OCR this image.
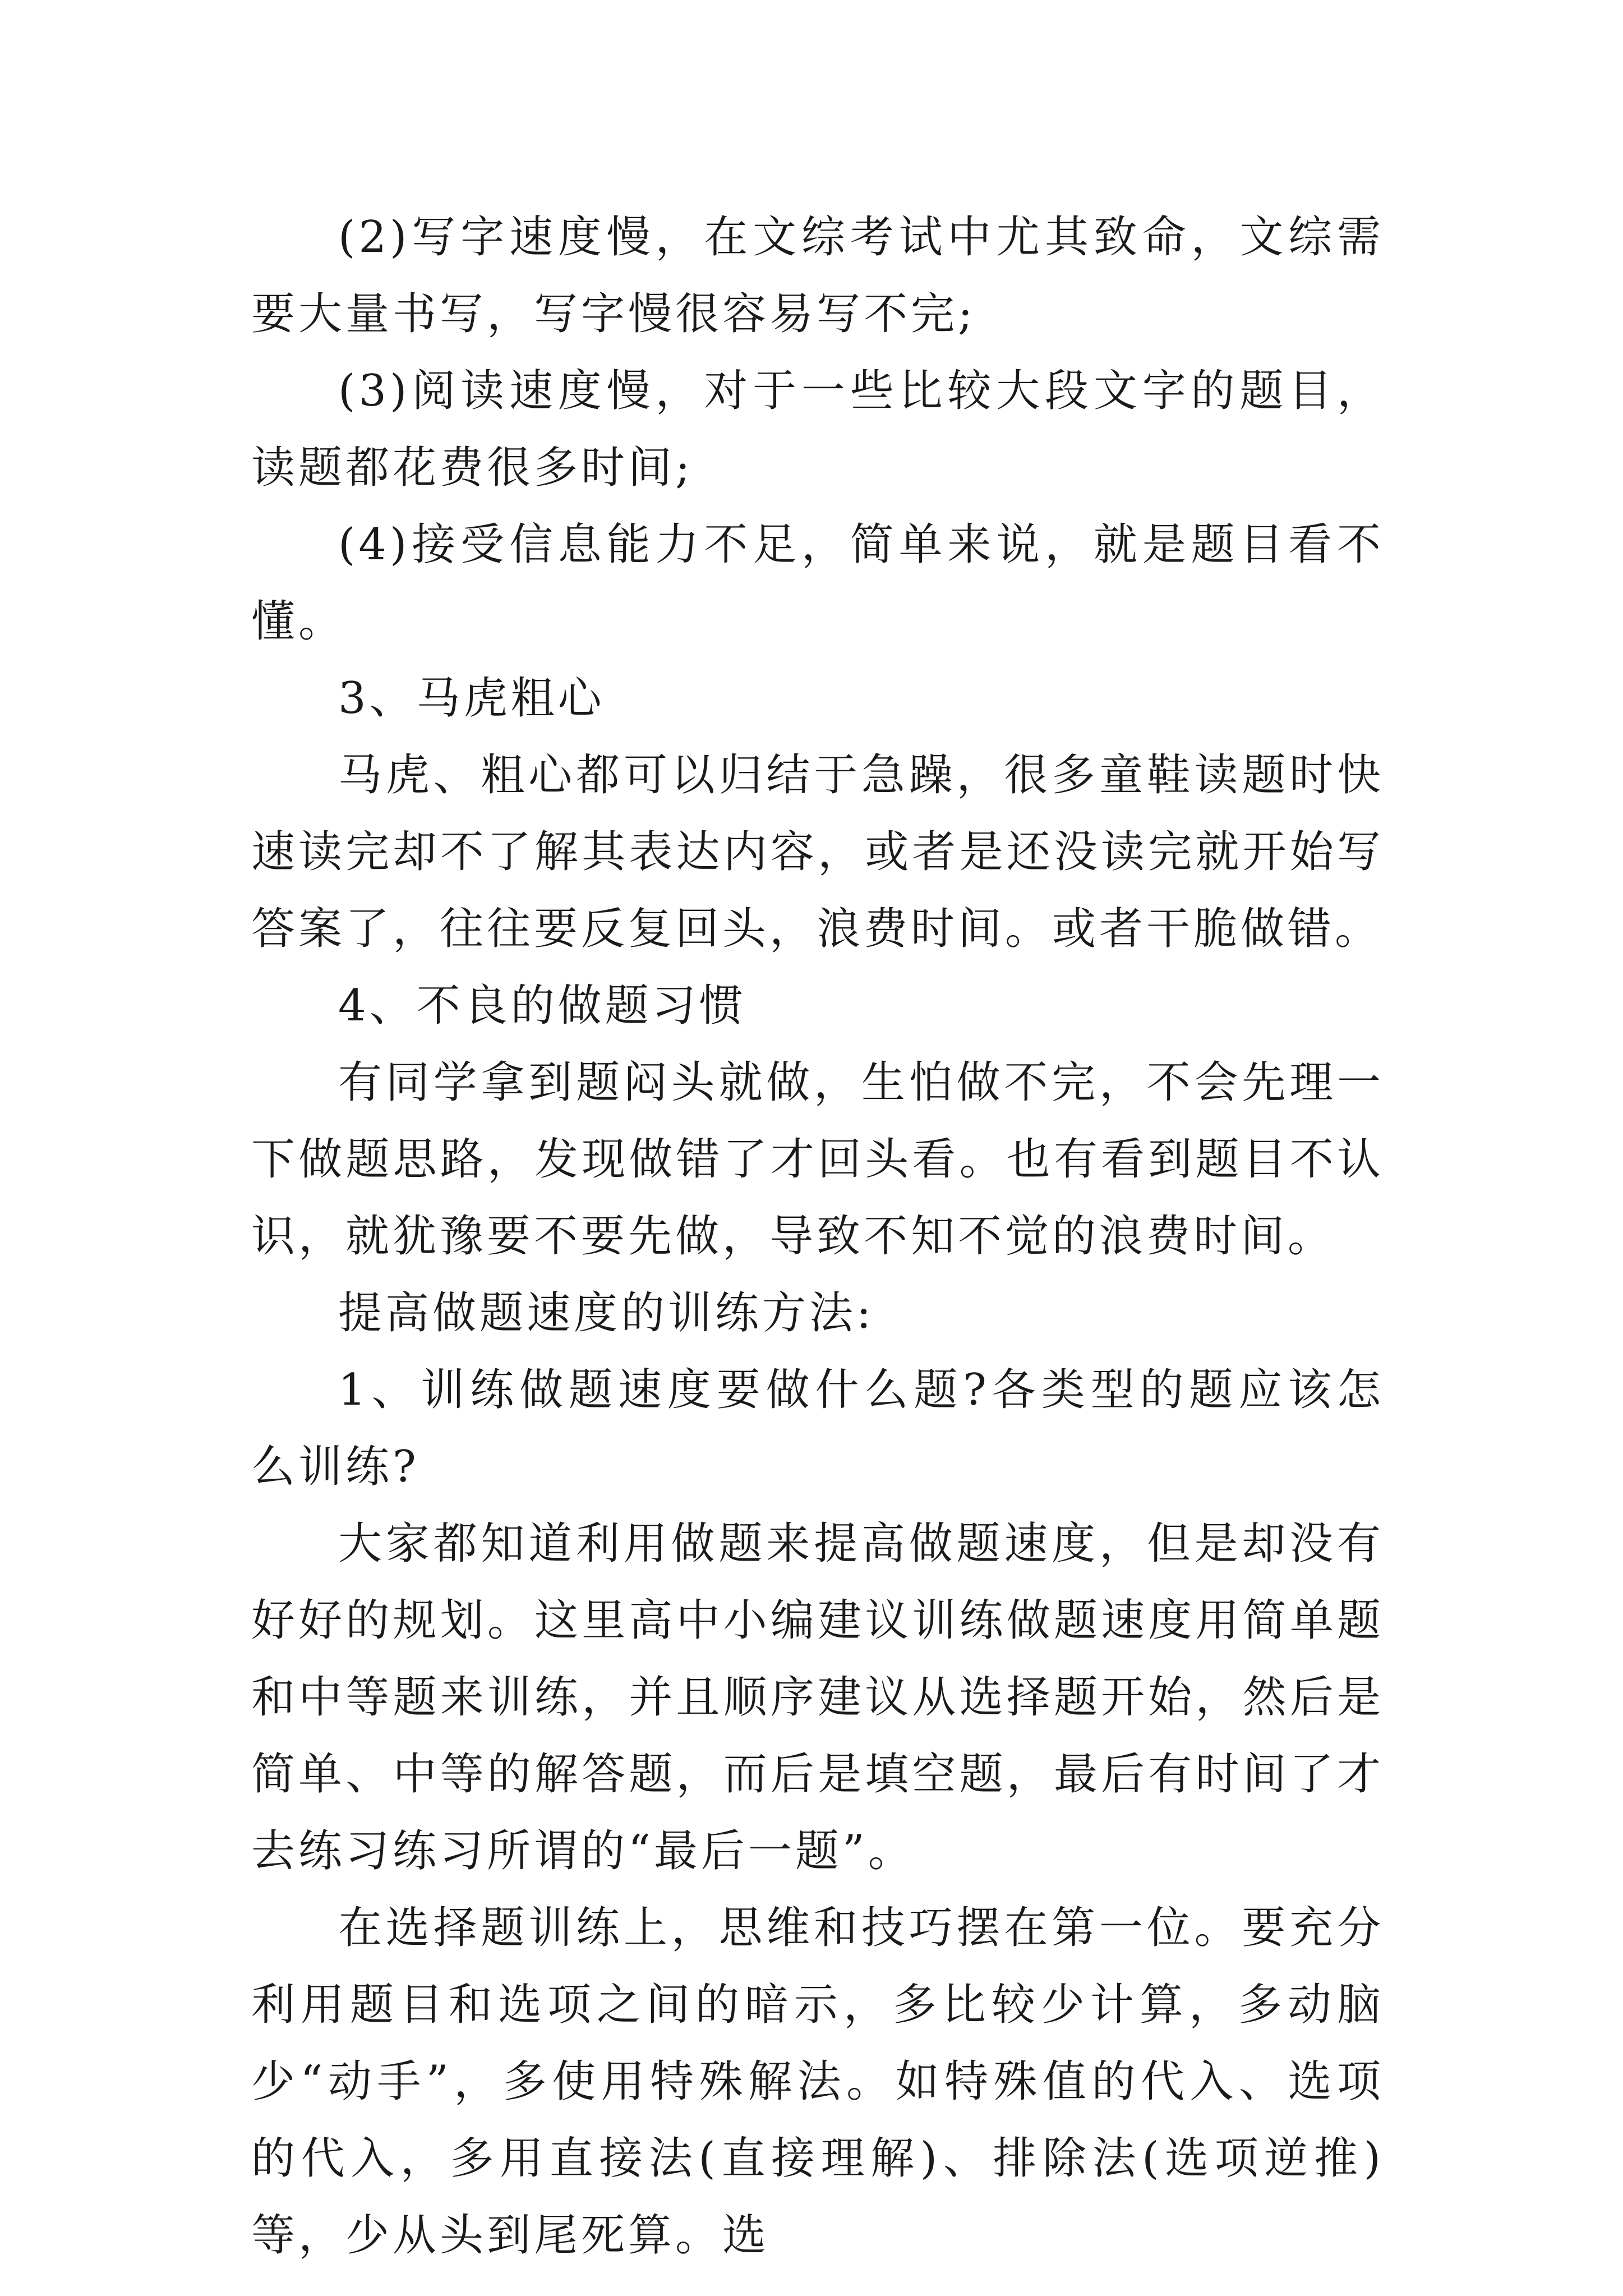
(2)写字速度慢，在文综考试中尤其致命，文综需要大量书写，写字慢很容易写不完;

(3)阅读速度慢，对于一些比较大段文字的题目，读题都花费很多时间;

(4)接受信息能力不足，简单来说，就是题目看不懂。

3、马虎粗心

马虎、粗心都可以归结于急躁，很多童鞋读题时快速读完却不了解其表达内容，或者是还没读完就开始写答案了，往往要反复回头，浪费时间。或者干脆做错。

4、不良的做题习惯

有同学拿到题闷头就做，生怕做不完，不会先理一下做题思路，发现做错了才回头看。也有看到题目不认识，就犹豫要不要先做，导致不知不觉的浪费时间。

提高做题速度的训练方法:

1、训练做题速度要做什么题?各类型的题应该怎么训练?

大家都知道利用做题来提高做题速度，但是却没有好好的规划。这里高中小编建议训练做题速度用简单题和中等题来训练，并且顺序建议从选择题开始，然后是简单、中等的解答题，而后是填空题，最后有时间了才去练习练习所谓的“最后一题”。

在选择题训练上，思维和技巧摆在第一位。要充分利用题目和选项之间的暗示，多比较少计算，多动脑少“动手”，多使用特殊解法。如特殊值的代入、选项的代入，多用直接法(直接理解)、排除法(选项逆推)等，少从头到尾死算。选
